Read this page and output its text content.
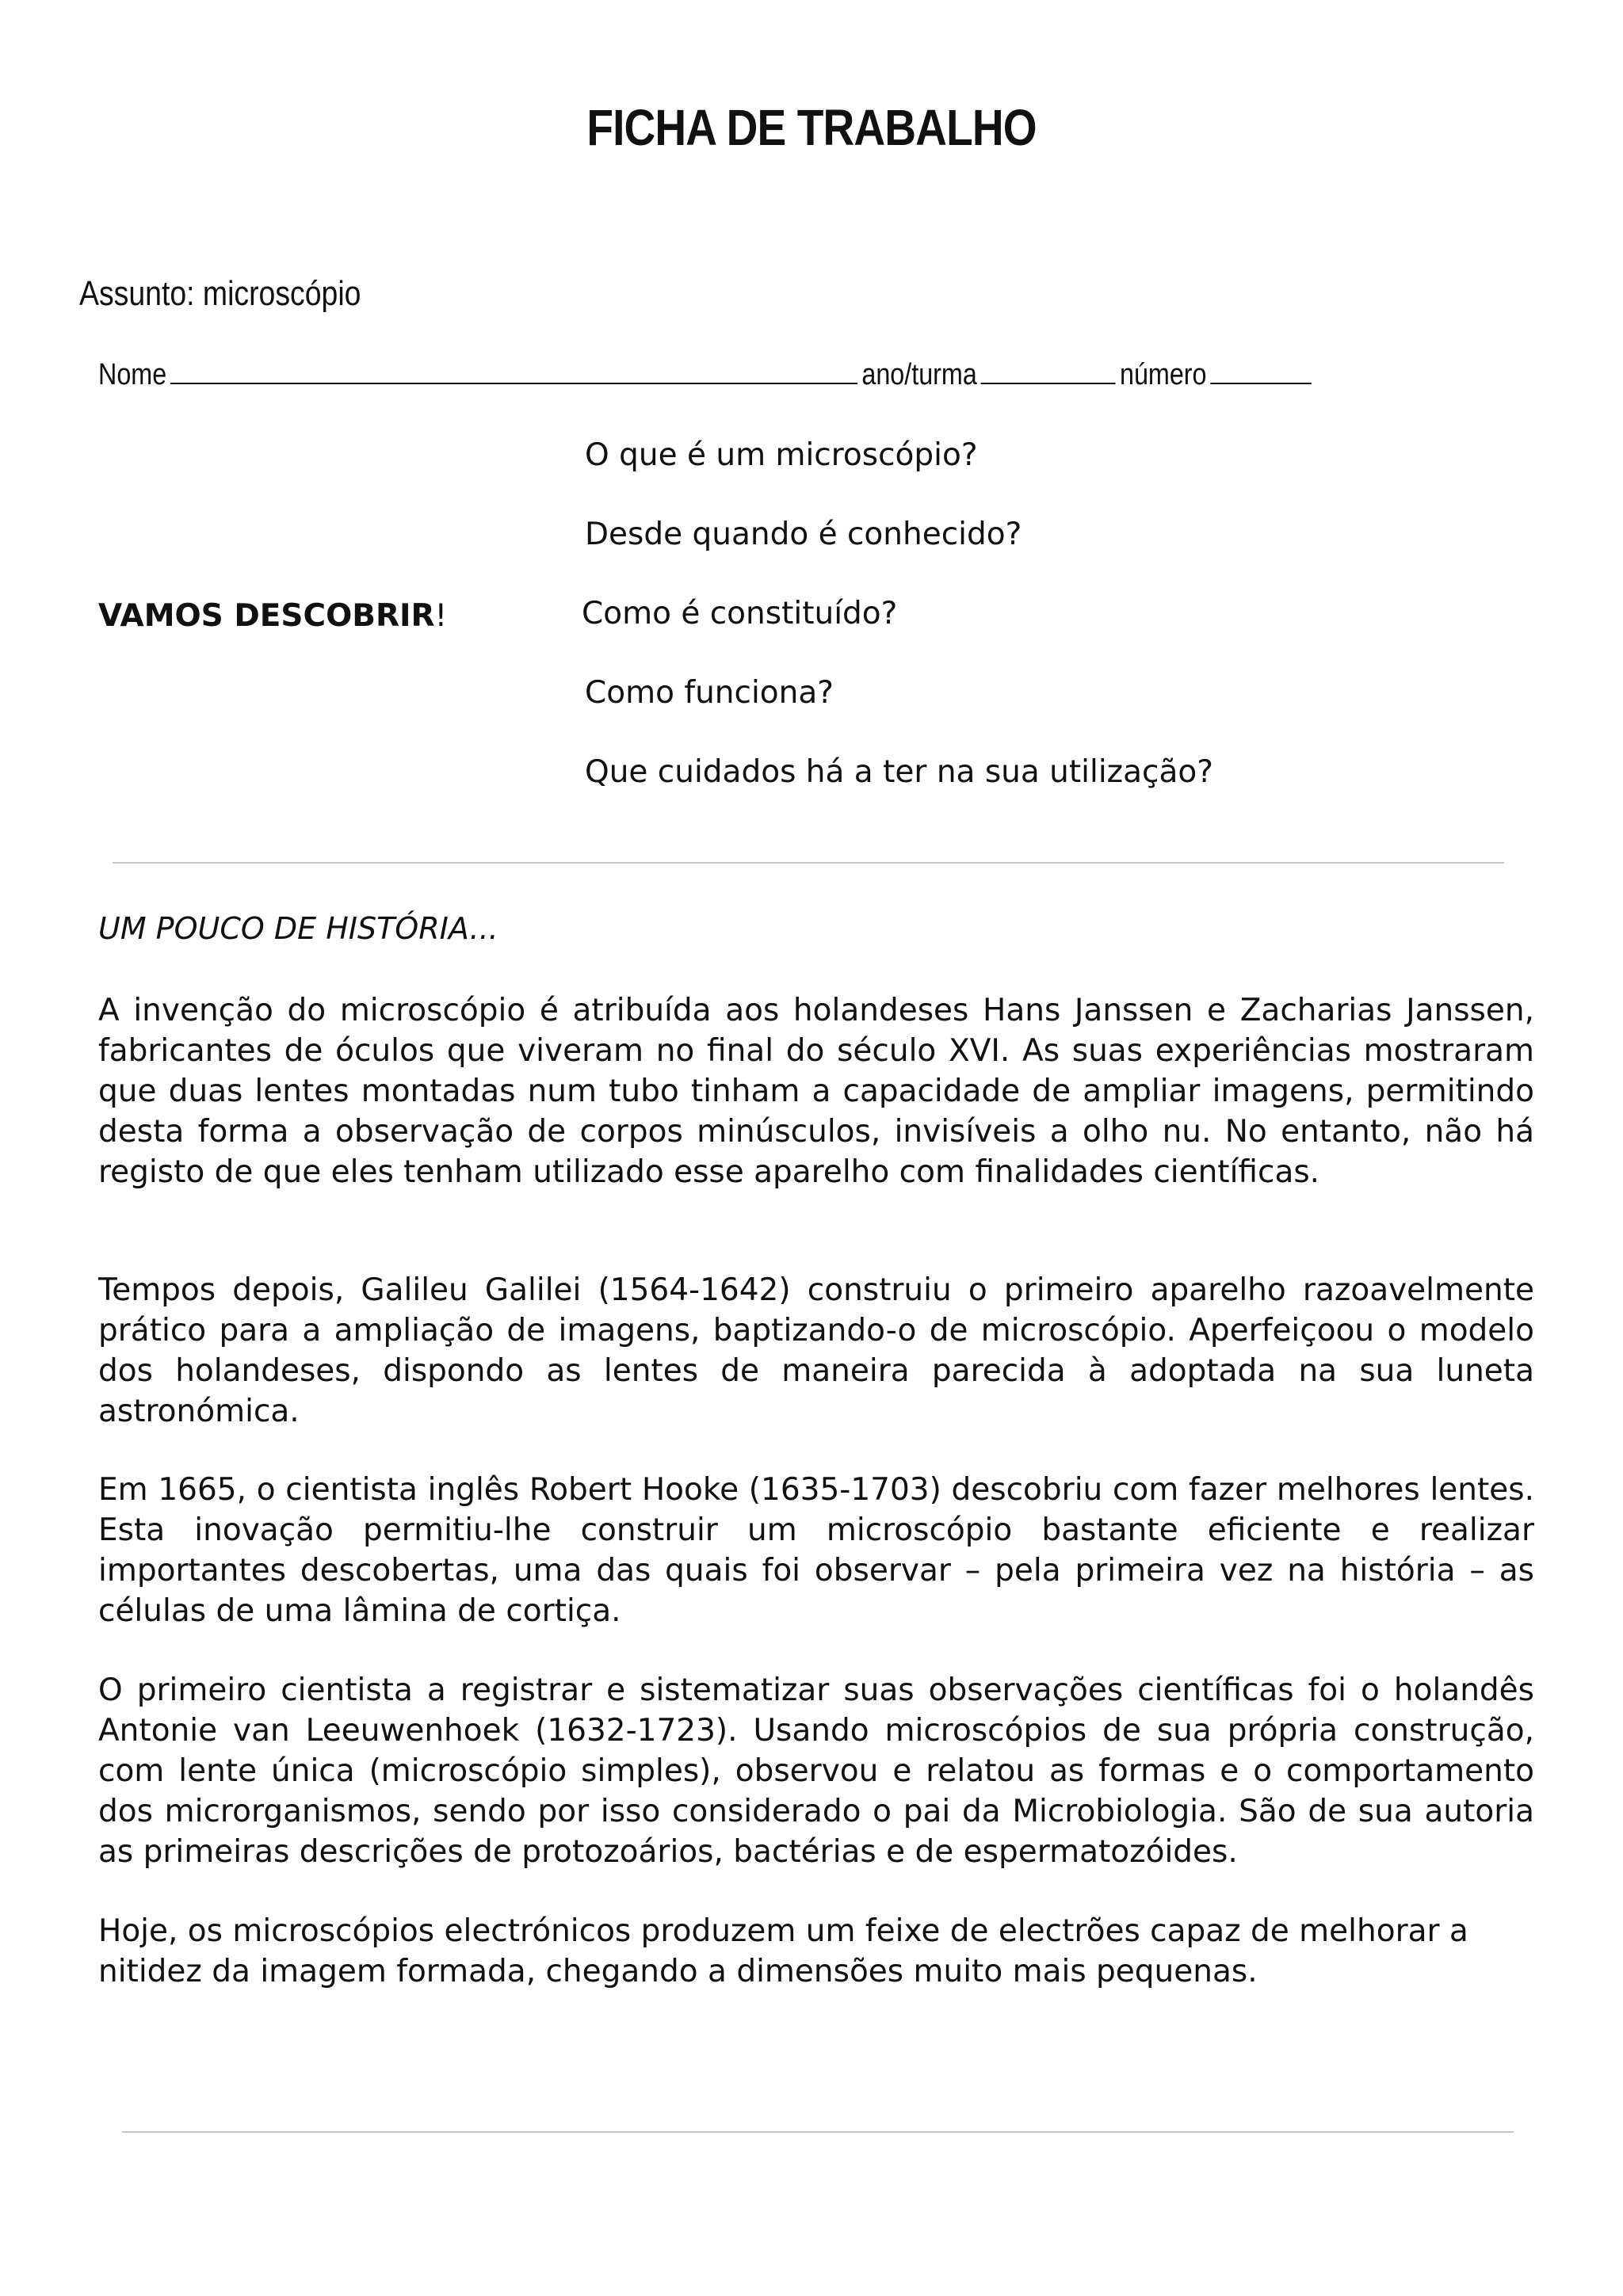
FICHA DE TRABALHO
Assunto: microscópio
Nome	ano/turma	número
VAMOS DESCOBRIR!
O que é um microscópio?
Desde quando é conhecido?
Como é constituído?
Como funciona?
Que cuidados há a ter na sua utilização?
UM POUCO DE HISTÓRIA...
A invenção do microscópio é atribuída aos holandeses Hans Janssen e Zacharias Janssen, fabricantes de óculos que viveram no final do século XVI. As suas experiências mostraram que duas lentes montadas num tubo tinham a capacidade de ampliar imagens, permitindo desta forma a observação de corpos minúsculos, invisíveis a olho nu. No entanto, não há registo de que eles tenham utilizado esse aparelho com finalidades científicas.
Tempos depois, Galileu Galilei (1564-1642) construiu o primeiro aparelho razoavelmente prático para a ampliação de imagens, baptizando-o de microscópio. Aperfeiçoou o modelo dos holandeses, dispondo as lentes de maneira parecida à adoptada na sua luneta astronómica.
Em 1665, o cientista inglês Robert Hooke (1635-1703) descobriu com fazer melhores lentes. Esta inovação permitiu-lhe construir um microscópio bastante eficiente e realizar importantes descobertas, uma das quais foi observar – pela primeira vez na história – as células de uma lâmina de cortiça.
O primeiro cientista a registrar e sistematizar suas observações científicas foi o holandês Antonie van Leeuwenhoek (1632-1723). Usando microscópios de sua própria construção, com lente única (microscópio simples), observou e relatou as formas e o comportamento dos microrganismos, sendo por isso considerado o pai da Microbiologia. São de sua autoria as primeiras descrições de protozoários, bactérias e de espermatozóides.
Hoje, os microscópios electrónicos produzem um feixe de electrões capaz de melhorar a nitidez da imagem formada, chegando a dimensões muito mais pequenas.
